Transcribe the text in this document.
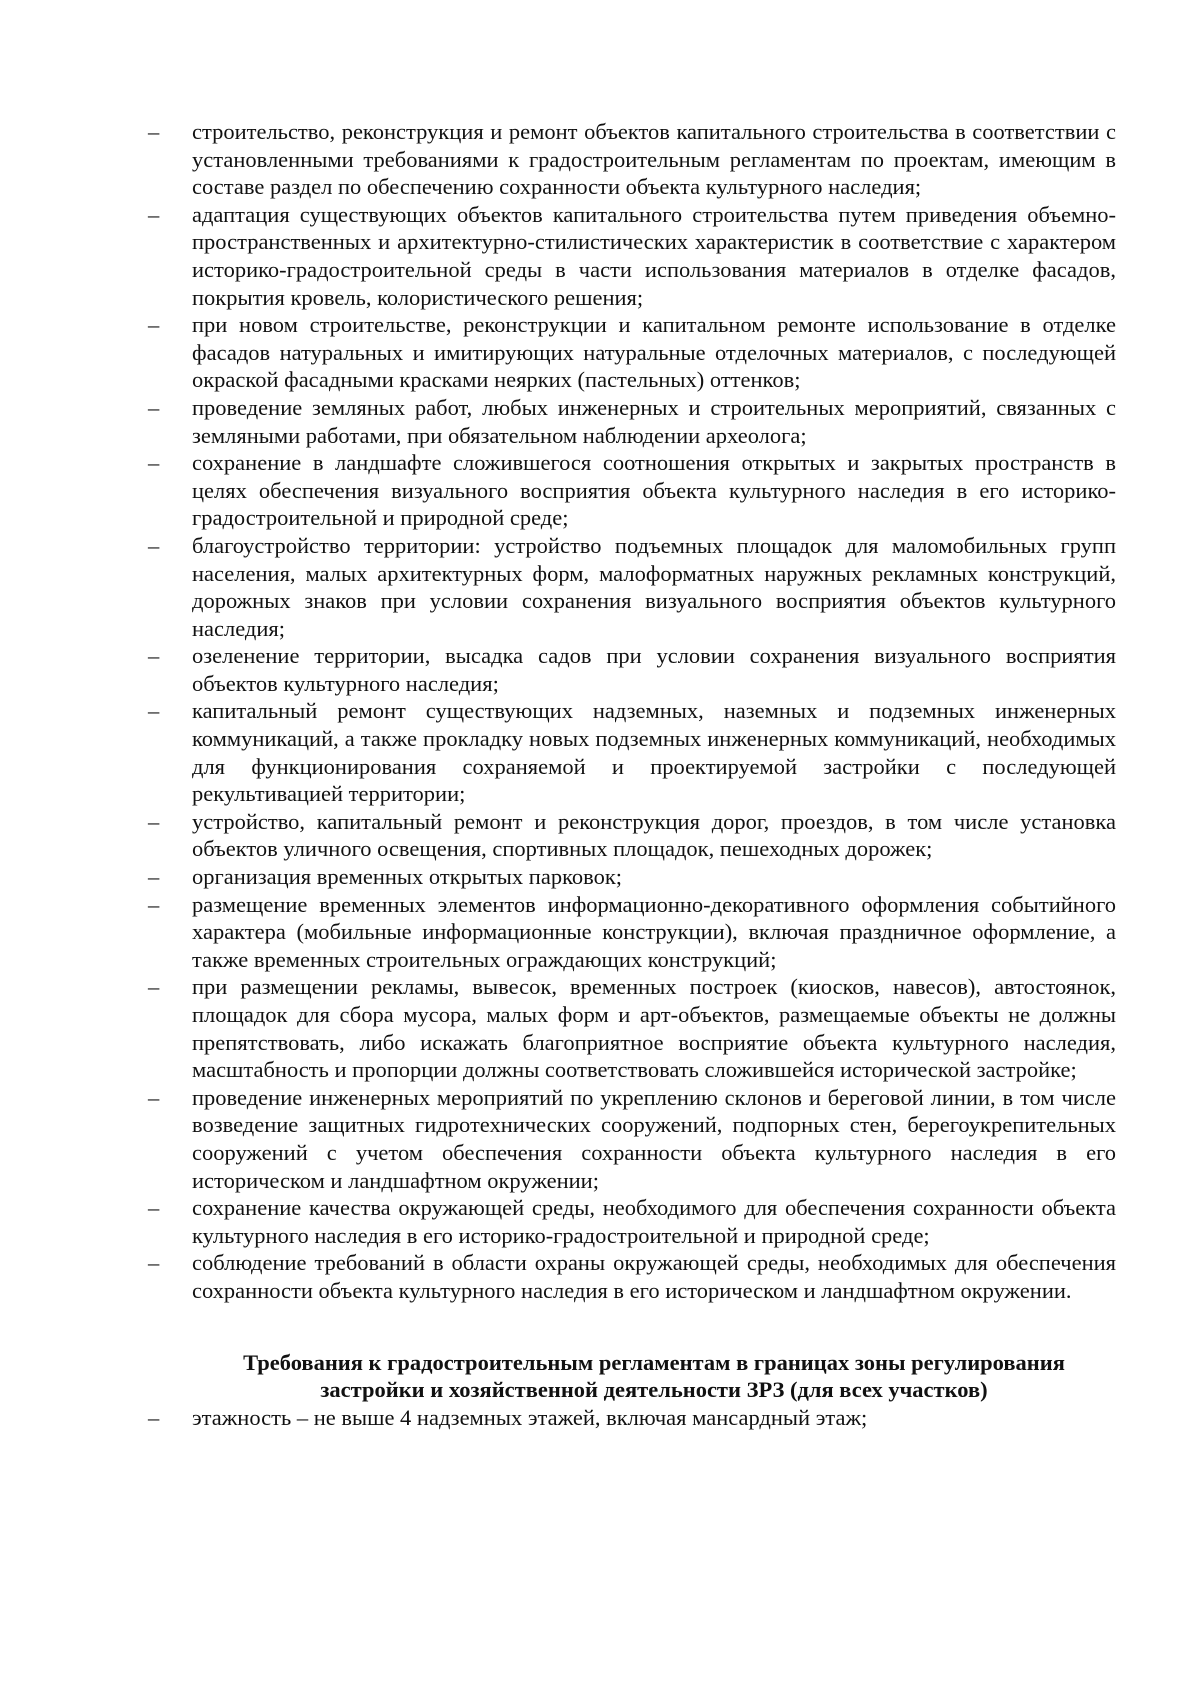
–	строительство, реконструкция и ремонт объектов капитального строительства в соответствии с установленными требованиями к градостроительным регламентам по проектам, имеющим в составе раздел по обеспечению сохранности объекта культурного наследия;
–	адаптация существующих объектов капитального строительства путем приведения объемно-пространственных и архитектурно-стилистических характеристик в соответствие с характером историко-градостроительной среды в части использования материалов в отделке фасадов, покрытия кровель, колористического решения;
–	при новом строительстве, реконструкции и капитальном ремонте использование в отделке фасадов натуральных и имитирующих натуральные отделочных материалов, с последующей окраской фасадными красками неярких (пастельных) оттенков;
–	проведение земляных работ, любых инженерных и строительных мероприятий, связанных с земляными работами, при обязательном наблюдении археолога;
–	сохранение в ландшафте сложившегося соотношения открытых и закрытых пространств в целях обеспечения визуального восприятия объекта культурного наследия в его историко-градостроительной и природной среде;
–	благоустройство территории: устройство подъемных площадок для маломобильных групп населения, малых архитектурных форм, малоформатных наружных рекламных конструкций, дорожных знаков при условии сохранения визуального восприятия объектов культурного наследия;
–	озеленение территории, высадка садов при условии сохранения визуального восприятия объектов культурного наследия;
–	капитальный ремонт существующих надземных, наземных и подземных инженерных коммуникаций, а также прокладку новых подземных инженерных коммуникаций, необходимых для функционирования сохраняемой и проектируемой застройки с последующей рекультивацией территории;
–	устройство, капитальный ремонт и реконструкция дорог, проездов, в том числе установка объектов уличного освещения, спортивных площадок, пешеходных дорожек;
–	организация временных открытых парковок;
–	размещение временных элементов информационно-декоративного оформления событийного характера (мобильные информационные конструкции), включая праздничное оформление, а также временных строительных ограждающих конструкций;
–	при размещении рекламы, вывесок, временных построек (киосков, навесов), автостоянок, площадок для сбора мусора, малых форм и арт-объектов, размещаемые объекты не должны препятствовать, либо искажать благоприятное восприятие объекта культурного наследия, масштабность и пропорции должны соответствовать сложившейся исторической застройке;
–	проведение инженерных мероприятий по укреплению склонов и береговой линии, в том числе возведение защитных гидротехнических сооружений, подпорных стен, берегоукрепительных сооружений с учетом обеспечения сохранности объекта культурного наследия в его историческом и ландшафтном окружении;
–	сохранение качества окружающей среды, необходимого для обеспечения сохранности объекта культурного наследия в его историко-градостроительной и природной среде;
–	соблюдение требований в области охраны окружающей среды, необходимых для обеспечения сохранности объекта культурного наследия в его историческом и ландшафтном окружении.
Требования к градостроительным регламентам в границах зоны регулирования
застройки и хозяйственной деятельности ЗРЗ (для всех участков)
–	этажность – не выше 4 надземных этажей, включая мансардный этаж;
